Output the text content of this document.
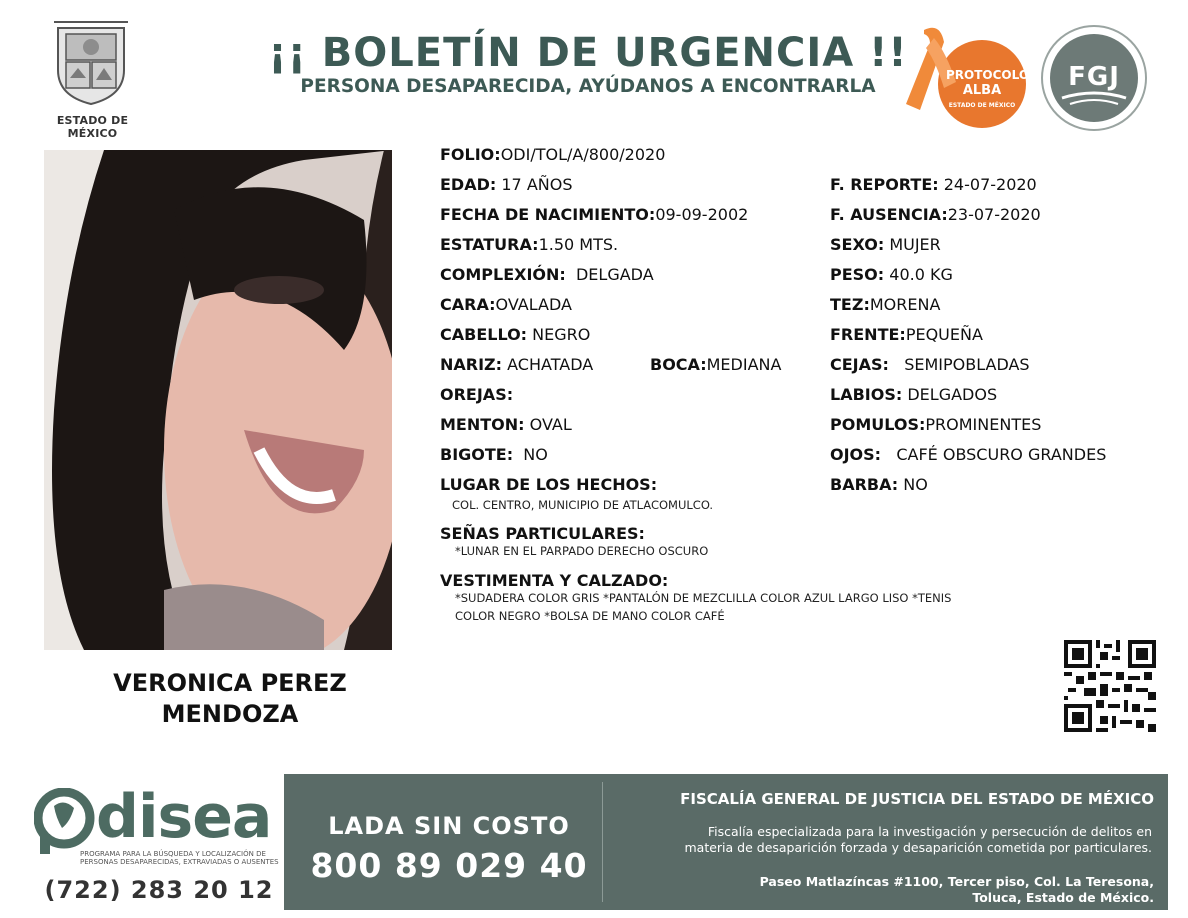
ESTADO DE MÉXICO
¡¡ BOLETÍN DE URGENCIA !!
PERSONA DESAPARECIDA, AYÚDANOS A ENCONTRARLA
PROTOCOLO
ALBA
ESTADO DE MÉXICO
FGJ
VERONICA PEREZ
MENDOZA
FOLIO:ODI/TOL/A/800/2020
EDAD: 17 AÑOS
FECHA DE NACIMIENTO:09-09-2002
ESTATURA:1.50 MTS.
COMPLEXIÓN: DELGADA
CARA:OVALADA
CABELLO: NEGRO
NARIZ: ACHATADA	BOCA:MEDIANA
OREJAS:
MENTON: OVAL
BIGOTE: NO
F. REPORTE: 24-07-2020
F. AUSENCIA:23-07-2020
SEXO: MUJER
PESO: 40.0 KG
TEZ:MORENA
FRENTE:PEQUEÑA
CEJAS: SEMIPOBLADAS
LABIOS: DELGADOS
POMULOS:PROMINENTES
OJOS: CAFÉ OBSCURO GRANDES
BARBA: NO
LUGAR DE LOS HECHOS:
COL. CENTRO, MUNICIPIO DE ATLACOMULCO.
SEÑAS PARTICULARES:
*LUNAR EN EL PARPADO DERECHO OSCURO
VESTIMENTA Y CALZADO:
*SUDADERA COLOR GRIS *PANTALÓN DE MEZCLILLA COLOR AZUL LARGO LISO *TENIS
COLOR NEGRO *BOLSA DE MANO COLOR CAFÉ
disea
PROGRAMA PARA LA BÚSQUEDA Y LOCALIZACIÓN DE PERSONAS DESAPARECIDAS, EXTRAVIADAS O AUSENTES
(722) 283 20 12
LADA SIN COSTO
800 89 029 40
FISCALÍA GENERAL DE JUSTICIA DEL ESTADO DE MÉXICO
Fiscalía especializada para la investigación y persecución de delitos en
materia de desaparición forzada y desaparición cometida por particulares.
Paseo Matlazíncas #1100, Tercer piso, Col. La Teresona,
Toluca, Estado de México.
